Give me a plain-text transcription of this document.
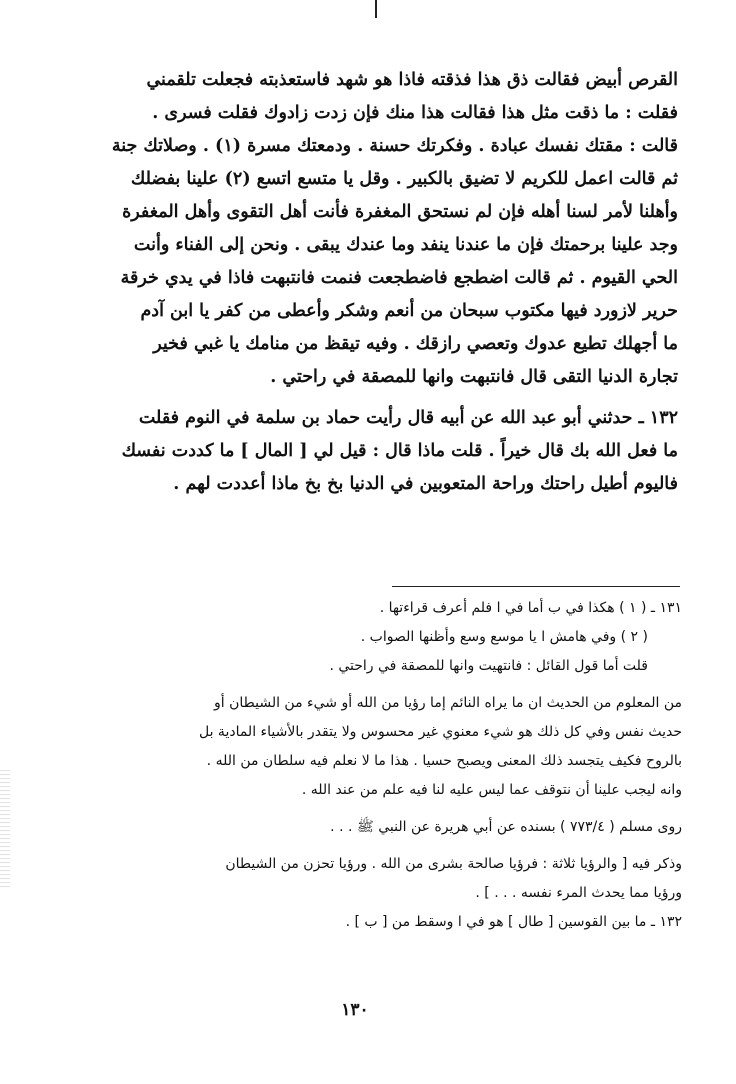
القرص أبيض فقالت ذق هذا فذقته فاذا هو شهد فاستعذبته فجعلت تلقمني
فقلت : ما ذقت مثل هذا فقالت هذا منك فإن زدت زادوك فقلت فسرى .
قالت : مقتك نفسك عبادة . وفكرتك حسنة . ودمعتك مسرة (١) . وصلاتك جنة
ثم قالت اعمل للكريم لا تضيق بالكبير . وقل يا متسع اتسع (٢) علينا بفضلك
وأهلنا لأمر لسنا أهله فإن لم نستحق المغفرة فأنت أهل التقوى وأهل المغفرة
وجد علينا برحمتك فإن ما عندنا ينفد وما عندك يبقى . ونحن إلى الفناء وأنت
الحي القيوم . ثم قالت اضطجع فاضطجعت فنمت فانتبهت فاذا في يدي خرقة
حرير لازورد فيها مكتوب سبحان من أنعم وشكر وأعطى من كفر يا ابن آدم
ما أجهلك تطيع عدوك وتعصي رازقك . وفيه تيقظ من منامك يا غبي فخير
تجارة الدنيا التقى قال فانتبهت وانها للمصقة في راحتي .
١٣٢ ـ حدثني أبو عبد الله عن أبيه قال رأيت حماد بن سلمة في النوم فقلت
ما فعل الله بك قال خيراً . قلت ماذا قال : قيل لي [ المال ] ما كددت نفسك
فاليوم أطيل راحتك وراحة المتعوبين في الدنيا بخ بخ ماذا أعددت لهم .
١٣١ ـ ( ١ ) هكذا في ب أما في ا فلم أعرف قراءتها .
( ٢ ) وفي هامش ا يا موسع وسع وأظنها الصواب .
قلت أما قول القائل : فانتهيت وانها للمصقة في راحتي .
من المعلوم من الحديث ان ما يراه النائم إما رؤيا من الله أو شيء من الشيطان أو
حديث نفس وفي كل ذلك هو شيء معنوي غير محسوس ولا يتقدر بالأشياء المادية بل
بالروح فكيف يتجسد ذلك المعنى ويصبح حسيا . هذا ما لا نعلم فيه سلطان من الله .
وانه ليجب علينا أن نتوقف عما ليس عليه لنا فيه علم من عند الله .
روى مسلم ( ٧٧٣/٤ ) بسنده عن أبي هريرة عن النبي ﷺ . . .
وذكر فيه [ والرؤيا ثلاثة : فرؤيا صالحة بشرى من الله . ورؤيا تحزن من الشيطان
ورؤيا مما يحدث المرء نفسه . . . ] .
١٣٢ ـ ما بين القوسين [ طال ] هو في ا وسقط من [ ب ] .
١٣٠
